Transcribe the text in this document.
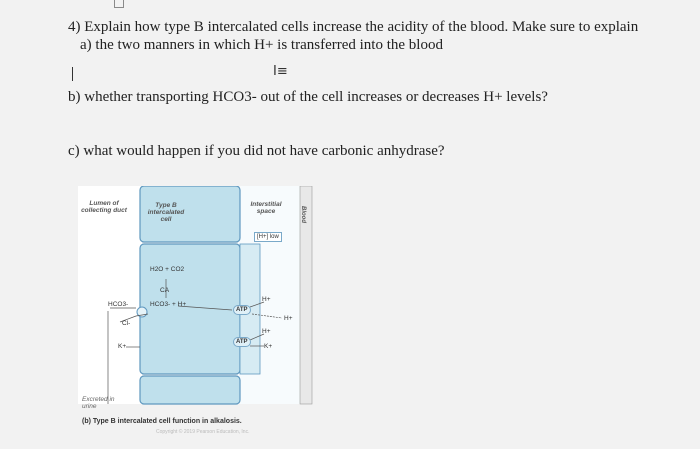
4) Explain how type B intercalated cells increase the acidity of the blood. Make sure to explain
a) the two manners in which H+ is transferred into the blood
I≡
b) whether transporting HCO3- out of the cell increases or decreases H+ levels?
c) what would happen if you did not have carbonic anhydrase?
Lumen of collecting duct
Type B intercalated cell
Interstitial space	Blood
[H+] low
H2O + CO2
CA
HCO3-
Cl-
K+
HCO3- + H+
H+
H+
H+
K+
ATP
ATP
Excreted in urine
(b) Type B intercalated cell function in alkalosis.
Copyright © 2019 Pearson Education, Inc.
